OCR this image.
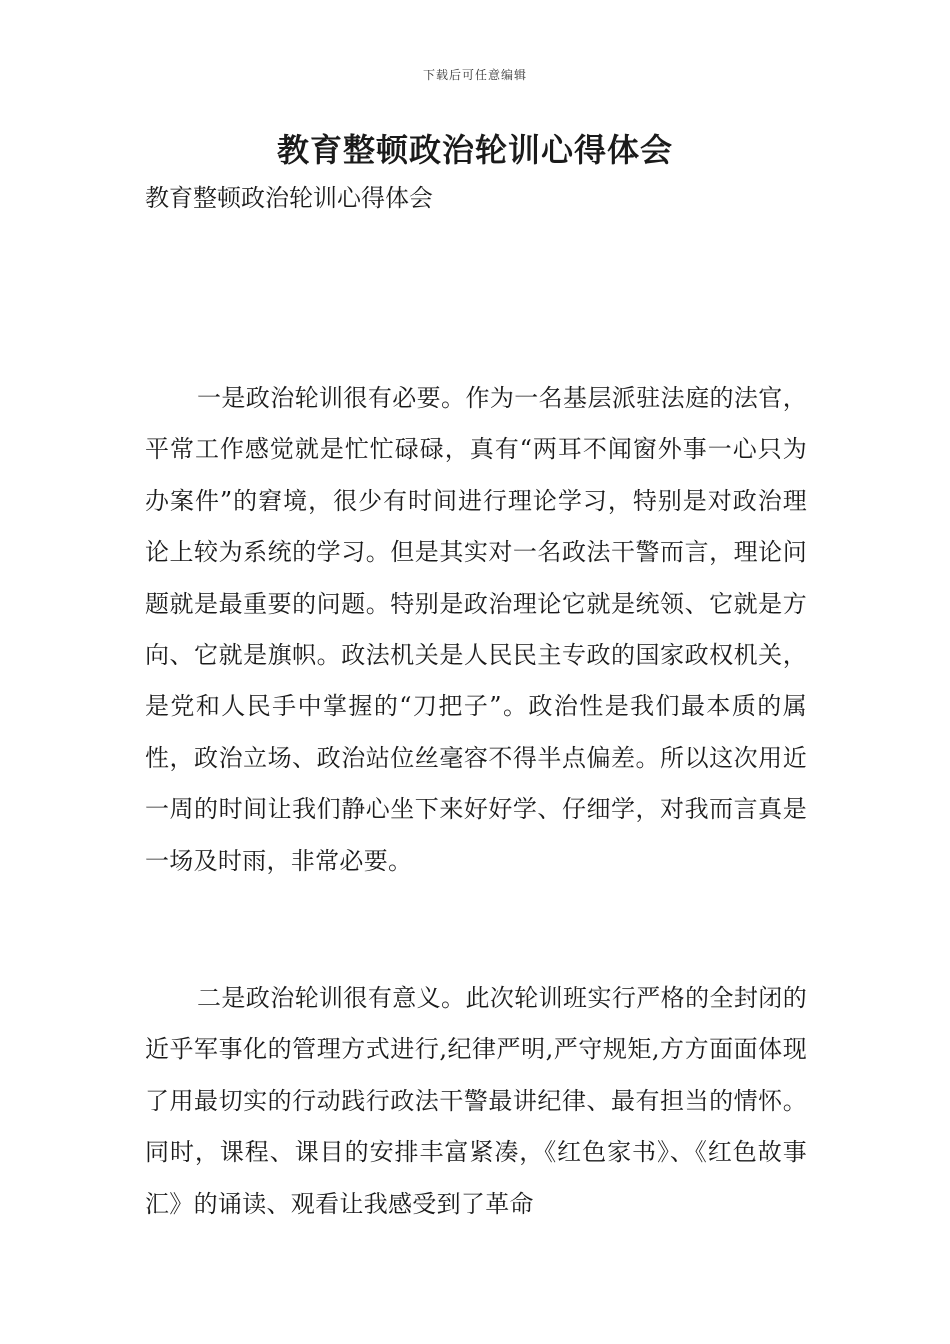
下载后可任意编辑
教育整顿政治轮训心得体会
教育整顿政治轮训心得体会

一是政治轮训很有必要。作为一名基层派驻法庭的法官，平常工作感觉就是忙忙碌碌，真有“两耳不闻窗外事一心只为办案件”的窘境，很少有时间进行理论学习，特别是对政治理论上较为系统的学习。但是其实对一名政法干警而言，理论问题就是最重要的问题。特别是政治理论它就是统领、它就是方向、它就是旗帜。政法机关是人民民主专政的国家政权机关，是党和人民手中掌握的“刀把子”。政治性是我们最本质的属性，政治立场、政治站位丝毫容不得半点偏差。所以这次用近一周的时间让我们静心坐下来好好学、仔细学，对我而言真是一场及时雨，非常必要。

二是政治轮训很有意义。此次轮训班实行严格的全封闭的近乎军事化的管理方式进行,纪律严明,严守规矩,方方面面体现了用最切实的行动践行政法干警最讲纪律、最有担当的情怀。同时，课程、课目的安排丰富紧凑，《红色家书》、《红色故事汇》的诵读、观看让我感受到了革命
